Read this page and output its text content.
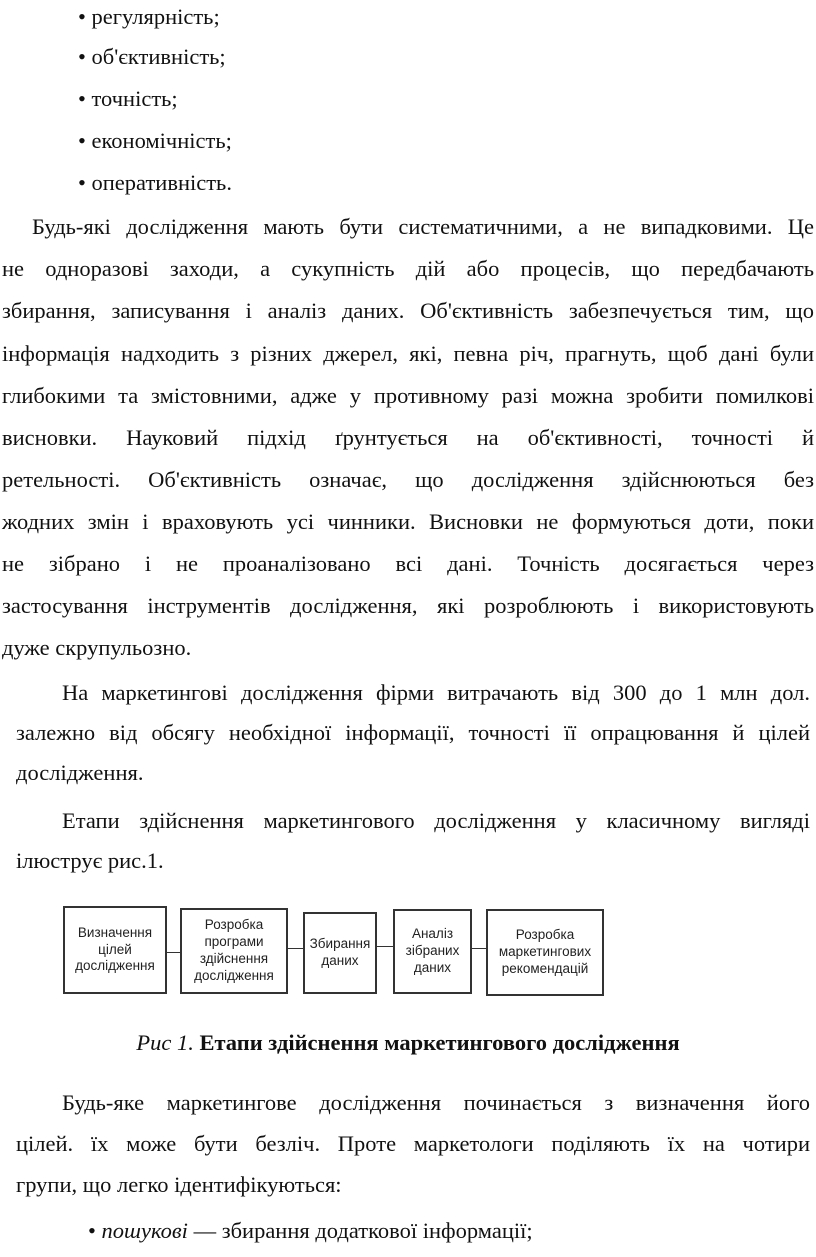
• регулярність;
• об'єктивність;
• точність;
• економічність;
• оперативність.
Будь-які дослідження мають бути систематичними, а не випадковими. Це
не одноразові заходи, а сукупність дій або процесів, що передбачають
збирання, записування і аналіз даних. Об'єктивність забезпечується тим, що
інформація надходить з різних джерел, які, певна річ, прагнуть, щоб дані були
глибокими та змістовними, адже у противному разі можна зробити помилкові
висновки. Науковий підхід ґрунтується на об'єктивності, точності й
ретельності. Об'єктивність означає, що дослідження здійснюються без
жодних змін і враховують усі чинники. Висновки не формуються доти, поки
не зібрано і не проаналізовано всі дані. Точність досягається через
застосування інструментів дослідження, які розроблюють і використовують
дуже скрупульозно.
На маркетингові дослідження фірми витрачають від 300 до 1 млн дол.
залежно від обсягу необхідної інформації, точності її опрацювання й цілей
дослідження.
Етапи здійснення маркетингового дослідження у класичному вигляді
ілюструє рис.1.
Визначення
цілей
дослідження
Розробка
програми
здійснення
дослідження
Збирання
даних
Аналіз
зібраних
даних
Розробка
маркетингових
рекомендацій
Рис 1. Етапи здійснення маркетингового дослідження
Будь-яке маркетингове дослідження починається з визначення його
цілей. їх може бути безліч. Проте маркетологи поділяють їх на чотири
групи, що легко ідентифікуються:
• пошукові — збирання додаткової інформації;
